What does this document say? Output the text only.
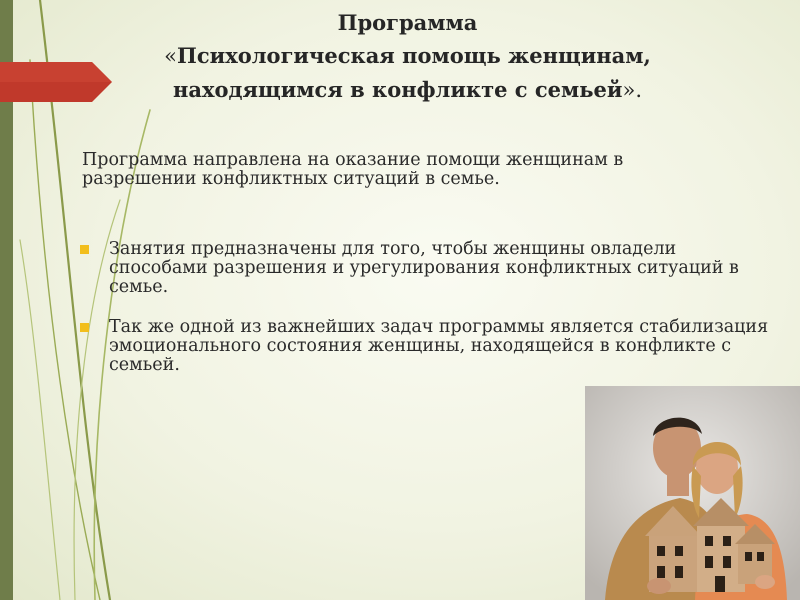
Программа
«Психологическая помощь женщинам,
находящимся в конфликте с семьей».

Программа направлена на оказание помощи женщинам в разрешении конфликтных ситуаций в семье.

Занятия предназначены для того, чтобы женщины овладели способами разрешения и урегулирования конфликтных ситуаций в семье.
Так же одной из важнейших задач программы является стабилизация эмоционального состояния женщины, находящейся в конфликте с семьей.
